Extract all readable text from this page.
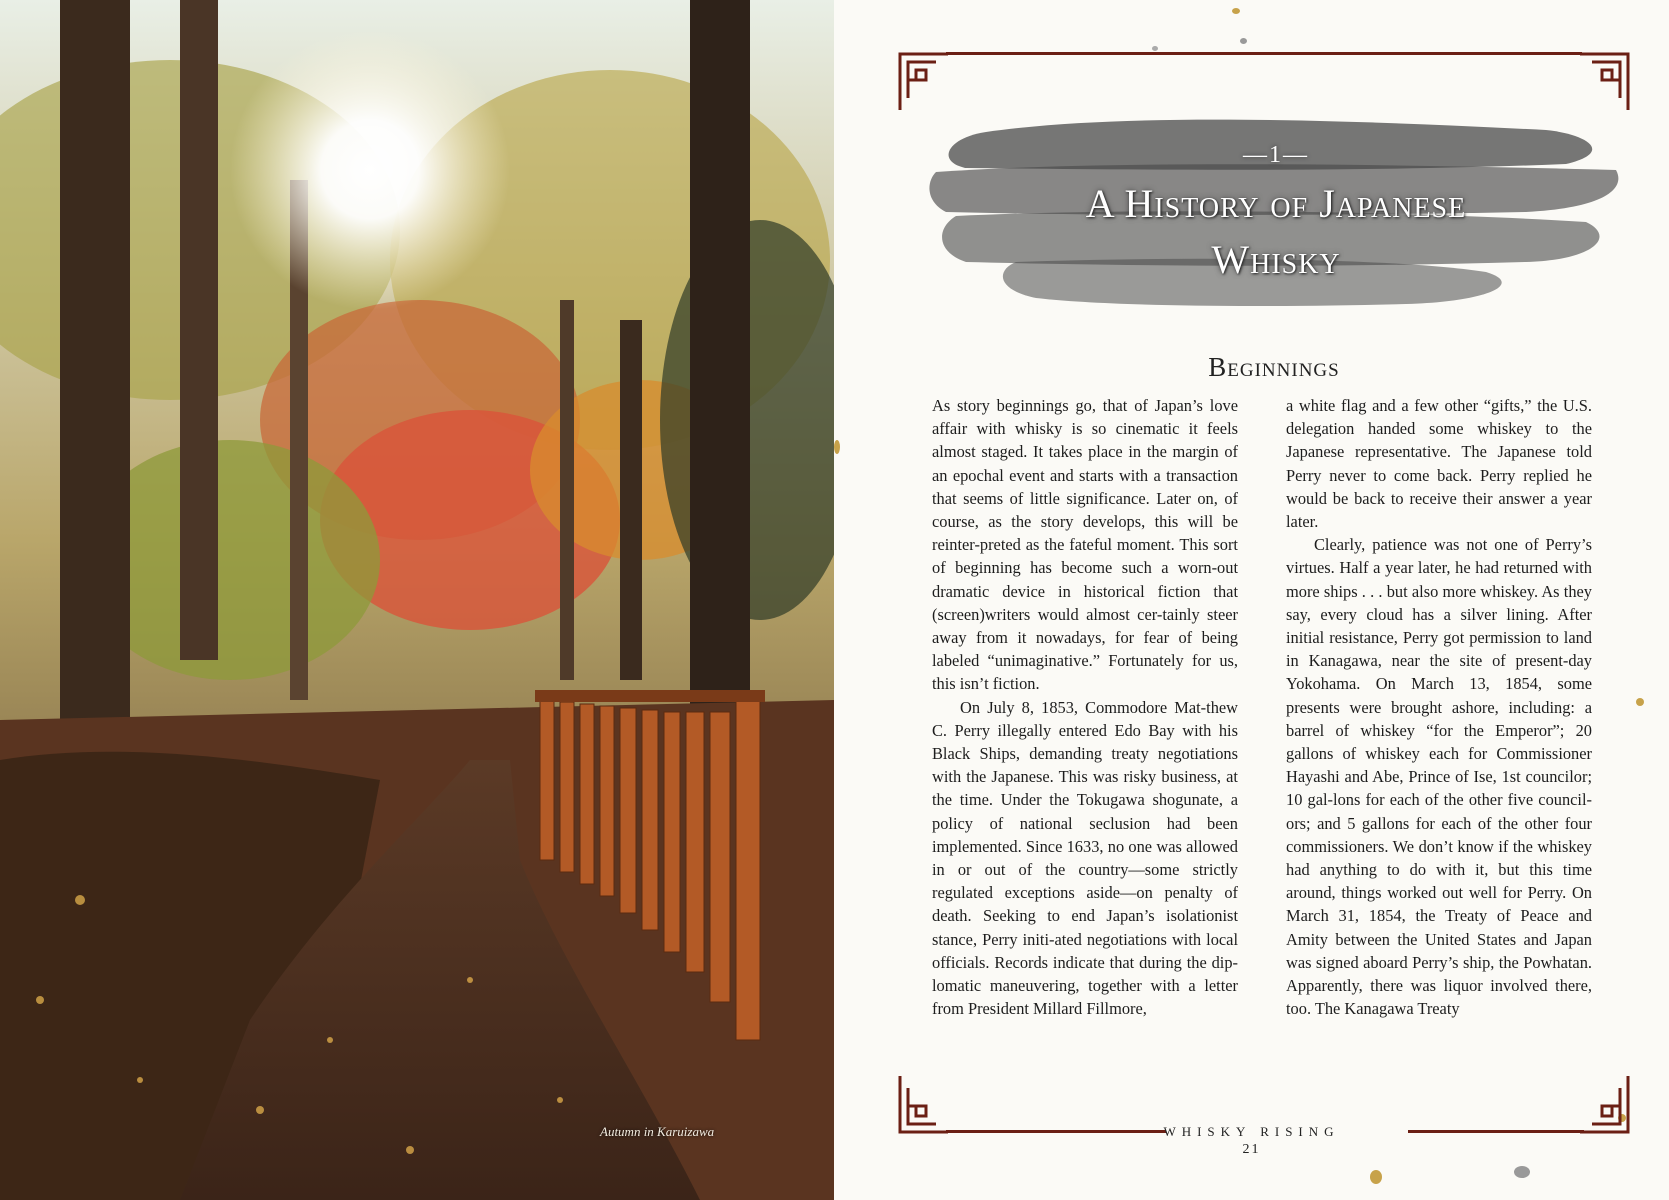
Autumn in Karuizawa
—1—
A History of Japanese
Whisky
Beginnings

As story beginnings go, that of Japan’s love affair with whisky is so cinematic it feels almost staged. It takes place in the margin of an epochal event and starts with a transaction that seems of little significance. Later on, of course, as the story develops, this will be reinter-preted as the fateful moment. This sort of beginning has become such a worn-out dramatic device in historical fiction that (screen)writers would almost cer-tainly steer away from it nowadays, for fear of being labeled “unimaginative.” Fortunately for us, this isn’t fiction.

On July 8, 1853, Commodore Mat-thew C. Perry illegally entered Edo Bay with his Black Ships, demanding treaty negotiations with the Japanese. This was risky business, at the time. Under the Tokugawa shogunate, a policy of national seclusion had been implemented. Since 1633, no one was allowed in or out of the country—some strictly regulated exceptions aside—on penalty of death. Seeking to end Japan’s isolationist stance, Perry initi-ated negotiations with local officials. Records indicate that during the dip-lomatic maneuvering, together with a letter from President Millard Fillmore,

a white flag and a few other “gifts,” the U.S. delegation handed some whiskey to the Japanese representative. The Japanese told Perry never to come back. Perry replied he would be back to receive their answer a year later.

Clearly, patience was not one of Perry’s virtues. Half a year later, he had returned with more ships . . . but also more whiskey. As they say, every cloud has a silver lining. After initial resistance, Perry got permission to land in Kanagawa, near the site of present-day Yokohama. On March 13, 1854, some presents were brought ashore, including: a barrel of whiskey “for the Emperor”; 20 gallons of whiskey each for Commissioner Hayashi and Abe, Prince of Ise, 1st councilor; 10 gal-lons for each of the other five council-ors; and 5 gallons for each of the other four commissioners. We don’t know if the whiskey had anything to do with it, but this time around, things worked out well for Perry. On March 31, 1854, the Treaty of Peace and Amity between the United States and Japan was signed aboard Perry’s ship, the Powhatan. Apparently, there was liquor involved there, too. The Kanagawa Treaty

WHISKY RISING
21
